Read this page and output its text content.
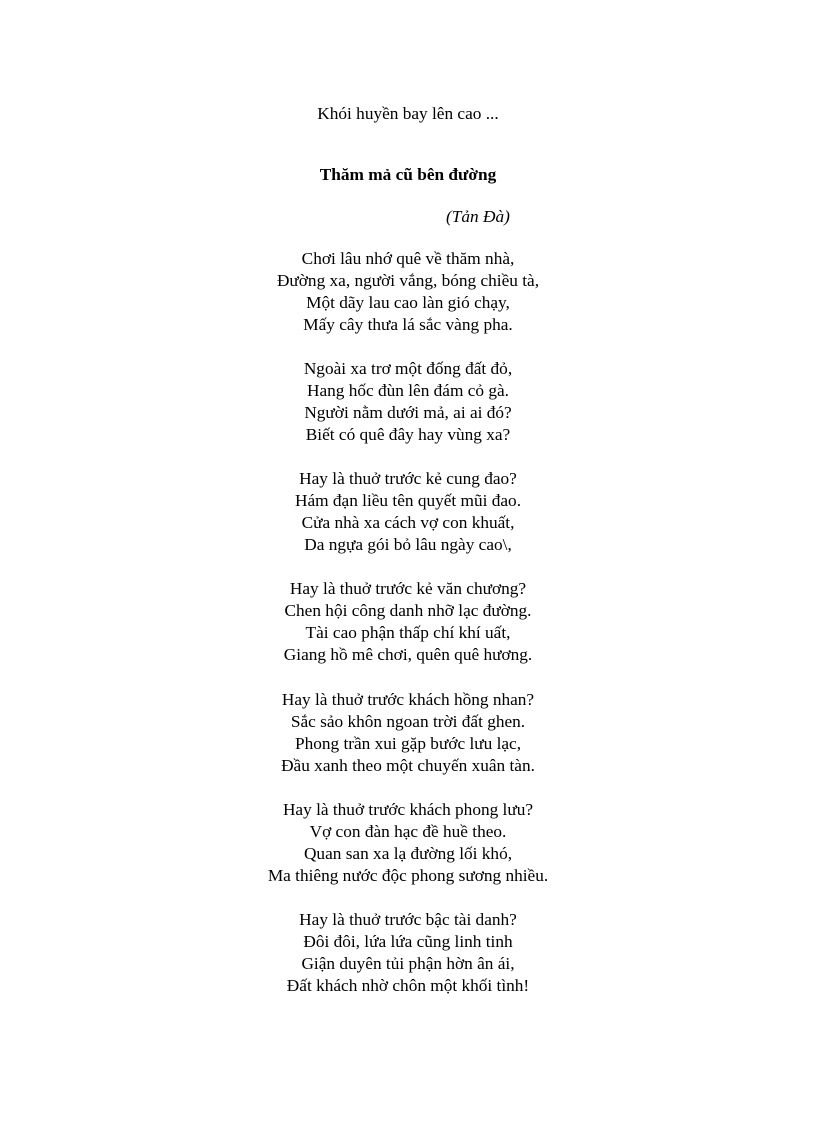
Khói huyền bay lên cao ...
Thăm mả cũ bên đường
(Tản Đà)
Chơi lâu nhớ quê về thăm nhà,
Đường xa, người vắng, bóng chiều tà,
Một dãy lau cao làn gió chạy,
Mấy cây thưa lá sắc vàng pha.
Ngoài xa trơ một đống đất đỏ,
Hang hốc đùn lên đám cỏ gà.
Người nằm dưới mả, ai ai đó?
Biết có quê đây hay vùng xa?
Hay là thuở trước kẻ cung đao?
Hám đạn liều tên quyết mũi đao.
Cửa nhà xa cách vợ con khuất,
Da ngựa gói bỏ lâu ngày cao\,
Hay là thuở trước kẻ văn chương?
Chen hội công danh nhỡ lạc đường.
Tài cao phận thấp chí khí uất,
Giang hồ mê chơi, quên quê hương.
Hay là thuở trước khách hồng nhan?
Sắc sảo khôn ngoan trời đất ghen.
Phong trần xui gặp bước lưu lạc,
Đầu xanh theo một chuyến xuân tàn.
Hay là thuở trước khách phong lưu?
Vợ con đàn hạc đề huề theo.
Quan san xa lạ đường lối khó,
Ma thiêng nước độc phong sương nhiều.
Hay là thuở trước bậc tài danh?
Đôi đôi, lứa lứa cũng linh tinh
Giận duyên tủi phận hờn ân ái,
Đất khách nhờ chôn một khối tình!
